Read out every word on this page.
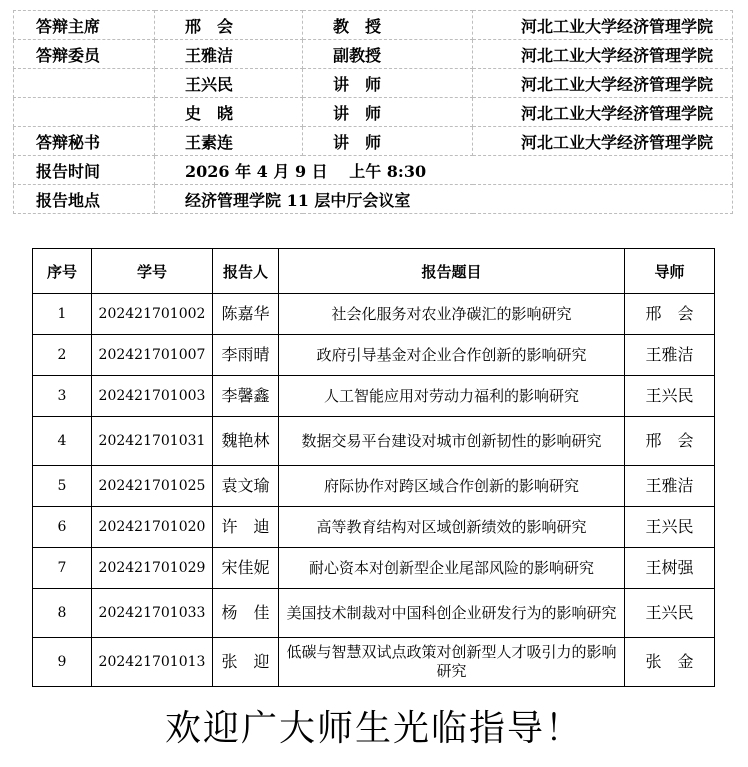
答辩主席	邢　会	教　授	河北工业大学经济管理学院
答辩委员	王雅洁	副教授	河北工业大学经济管理学院
	王兴民	讲　师	河北工业大学经济管理学院
	史　晓	讲　师	河北工业大学经济管理学院
答辩秘书	王素连	讲　师	河北工业大学经济管理学院
报告时间	2026 年 4 月 9 日　 上午 8:30		
报告地点	经济管理学院 11 层中厅会议室		
序号	学号	报告人	报告题目	导师
1	202421701002	陈嘉华	社会化服务对农业净碳汇的影响研究	邢　会
2	202421701007	李雨晴	政府引导基金对企业合作创新的影响研究	王雅洁
3	202421701003	李馨鑫	人工智能应用对劳动力福利的影响研究	王兴民
4	202421701031	魏艳林	数据交易平台建设对城市创新韧性的影响研究	邢　会
5	202421701025	袁文瑜	府际协作对跨区域合作创新的影响研究	王雅洁
6	202421701020	许　迪	高等教育结构对区域创新绩效的影响研究	王兴民
7	202421701029	宋佳妮	耐心资本对创新型企业尾部风险的影响研究	王树强
8	202421701033	杨　佳	美国技术制裁对中国科创企业研发行为的影响研究	王兴民
9	202421701013	张　迎	低碳与智慧双试点政策对创新型人才吸引力的影响研究	张　金
欢迎广大师生光临指导！
